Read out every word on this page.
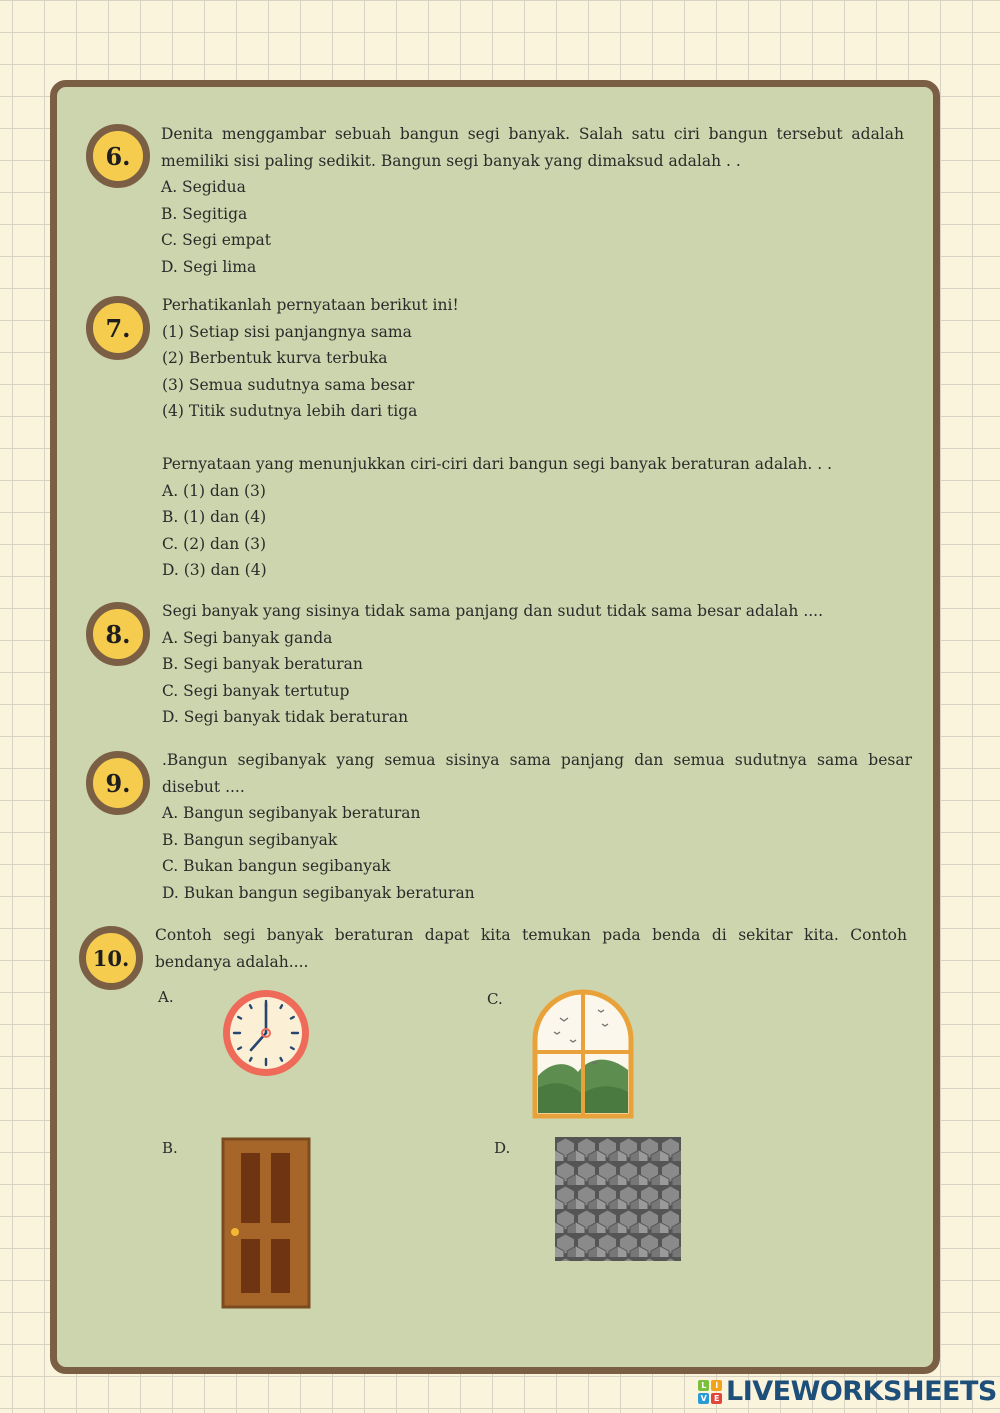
6.

Denita menggambar sebuah bangun segi banyak. Salah satu ciri bangun tersebut adalah memiliki sisi paling sedikit. Bangun segi banyak yang dimaksud adalah . .

A. Segidua

B. Segitiga

C. Segi empat

D. Segi lima

7.

Perhatikanlah pernyataan berikut ini!

(1) Setiap sisi panjangnya sama

(2) Berbentuk kurva terbuka

(3) Semua sudutnya sama besar

(4) Titik sudutnya lebih dari tiga

Pernyataan yang menunjukkan ciri-ciri dari bangun segi banyak beraturan adalah. . .

A. (1) dan (3)

B. (1) dan (4)

C. (2) dan (3)

D. (3) dan (4)

8.

Segi banyak yang sisinya tidak sama panjang dan sudut tidak sama besar adalah ....

A. Segi banyak ganda

B. Segi banyak beraturan

C. Segi banyak tertutup

D. Segi banyak tidak beraturan

9.

.Bangun segibanyak yang semua sisinya sama panjang dan semua sudutnya sama besar disebut ....

A. Bangun segibanyak beraturan

B. Bangun segibanyak

C. Bukan bangun segibanyak

D. Bukan bangun segibanyak beraturan

10.

Contoh segi banyak beraturan dapat kita temukan pada benda di sekitar kita. Contoh bendanya adalah....

A.	C.
B.	D.
L	I
V E LIVEWORKSHEETS
